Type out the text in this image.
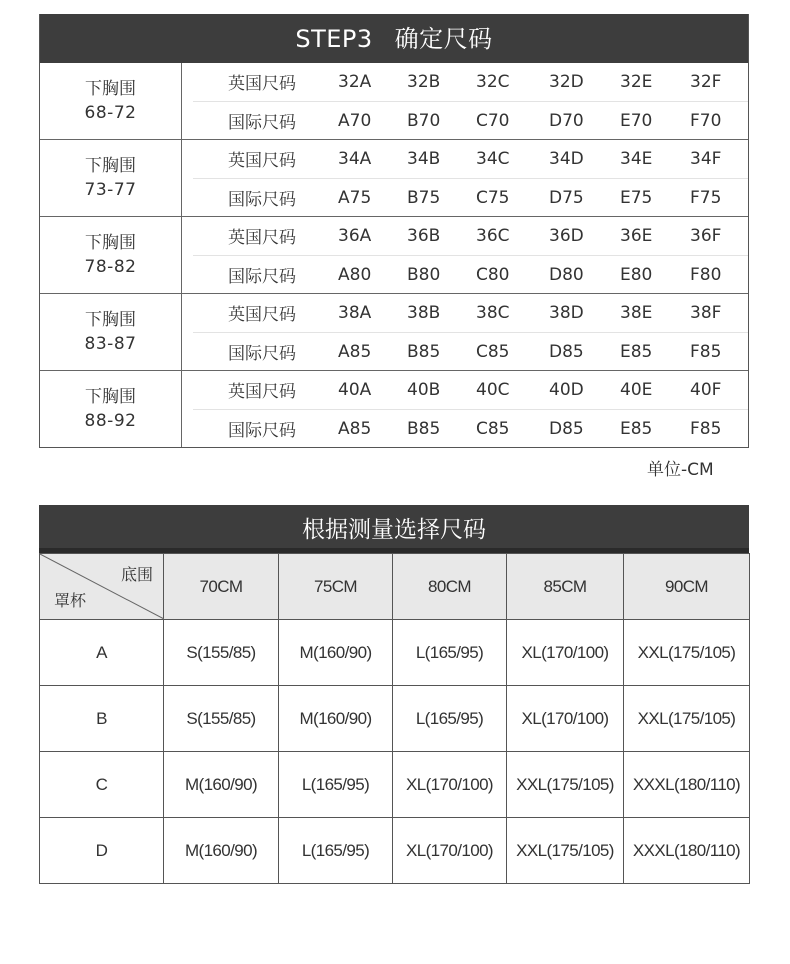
STEP3 确定尺码
下胸围
68-72
英国尺码	32A 32B 32C 32D 32E 32F
国际尺码	A70 B70 C70 D70 E70 F70
下胸围
73-77
英国尺码	34A 34B 34C 34D 34E 34F
国际尺码	A75 B75 C75 D75 E75 F75
下胸围
78-82
英国尺码	36A 36B 36C 36D 36E 36F
国际尺码	A80 B80 C80 D80 E80 F80
下胸围
83-87
英国尺码	38A 38B 38C 38D 38E 38F
国际尺码	A85 B85 C85 D85 E85 F85
下胸围
88-92
英国尺码	40A 40B 40C 40D 40E 40F
国际尺码	A85 B85 C85 D85 E85 F85
单位-CM
根据测量选择尺码
底围
罩杯	70CM	75CM	80CM	85CM	90CM
A	S(155/85)	M(160/90)	L(165/95)	XL(170/100)	XXL(175/105)
B	S(155/85)	M(160/90)	L(165/95)	XL(170/100)	XXL(175/105)
C	M(160/90)	L(165/95)	XL(170/100)	XXL(175/105)	XXXL(180/110)
D	M(160/90)	L(165/95)	XL(170/100)	XXL(175/105)	XXXL(180/110)
